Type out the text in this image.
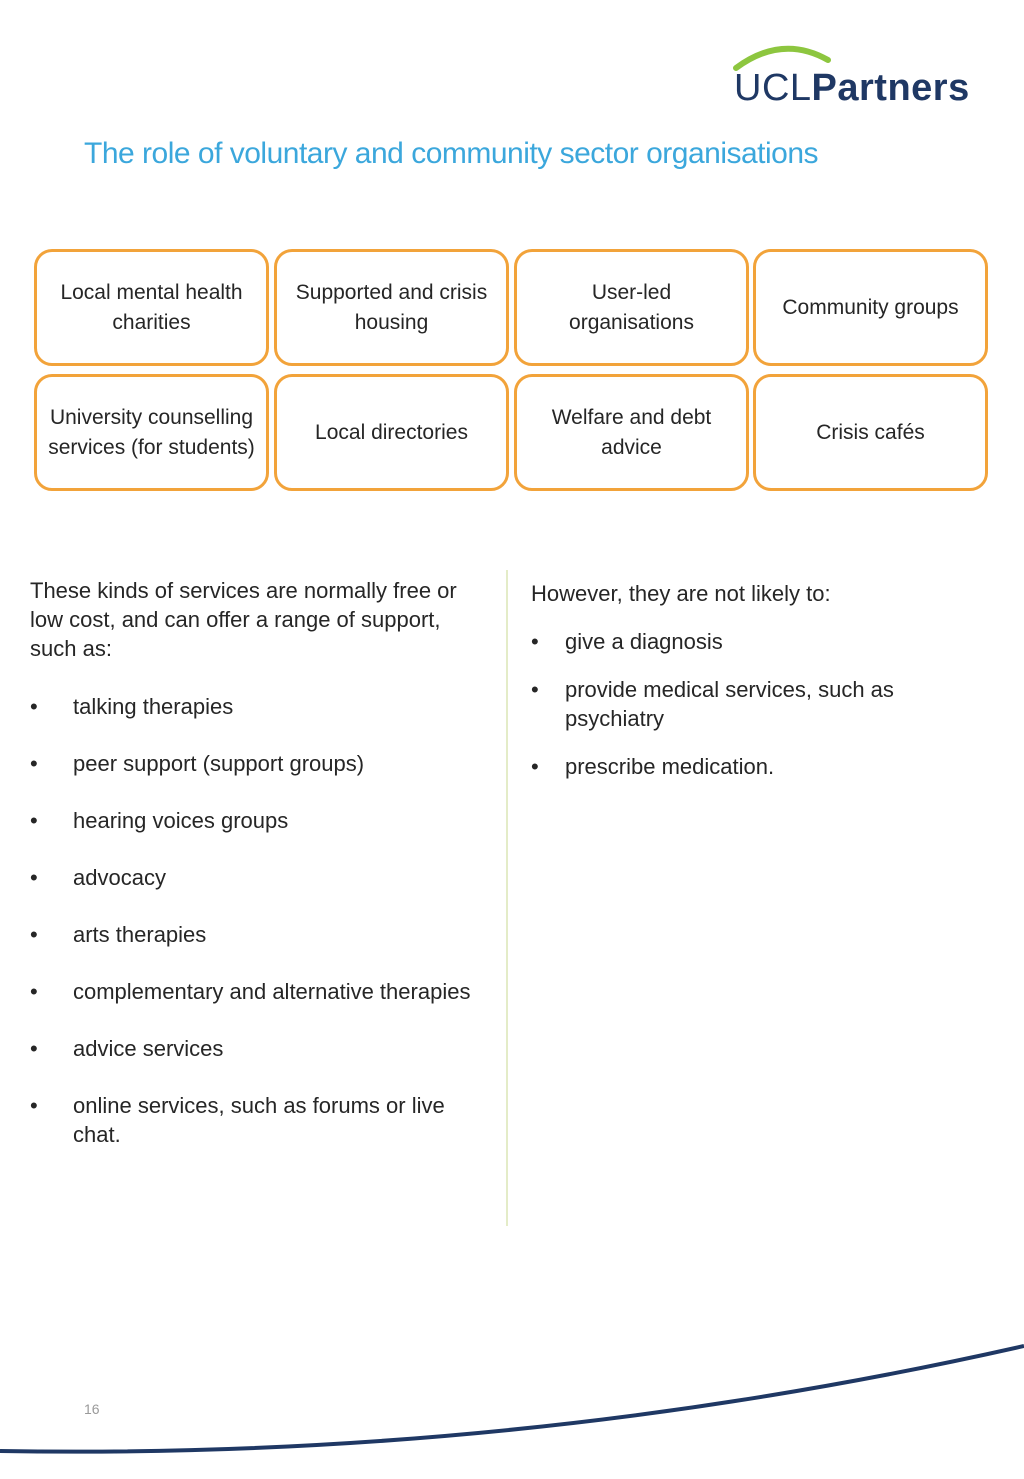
UCLPartners
The role of voluntary and community sector organisations
Local mental health charities
Supported and crisis housing
User-led organisations
Community groups
University counselling services (for students)
Local directories
Welfare and debt advice
Crisis cafés

These kinds of services are normally free or low cost, and can offer a range of support, such as:

• talking therapies
• peer support (support groups)
• hearing voices groups
• advocacy
• arts therapies
• complementary and alternative therapies
• advice services
• online services, such as forums or live chat.

However, they are not likely to:

• give a diagnosis
• provide medical services, such as psychiatry
• prescribe medication.
16
